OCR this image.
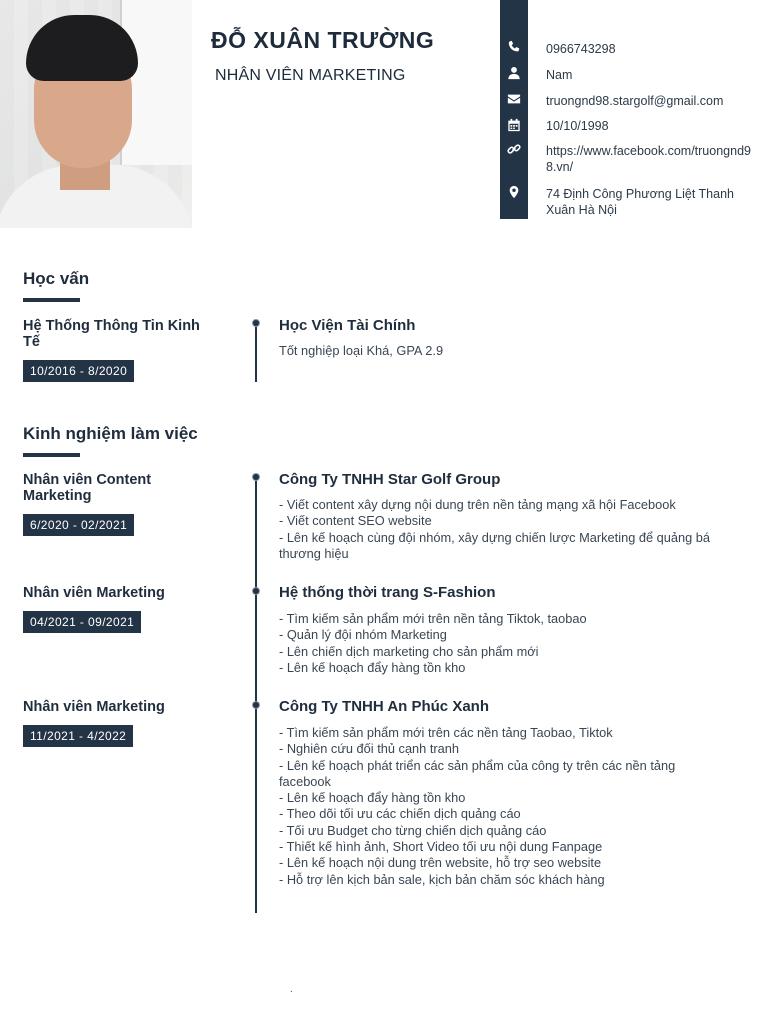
ĐỖ XUÂN TRƯỜNG
NHÂN VIÊN MARKETING
0966743298
Nam
truongnd98.stargolf@gmail.com
10/10/1998
https://www.facebook.com/truongnd9
8.vn/
74 Định Công Phương Liệt Thanh
Xuân Hà Nội
Học vấn
Hệ Thống Thông Tin Kinh
Tế
10/2016 - 8/2020
Học Viện Tài Chính
Tốt nghiệp loại Khá, GPA 2.9
Kinh nghiệm làm việc
Nhân viên Content
Marketing
6/2020 - 02/2021
Công Ty TNHH Star Golf Group
- Viết content xây dựng nội dung trên nền tảng mạng xã hội Facebook
- Viết content SEO website
- Lên kế hoạch cùng đội nhóm, xây dựng chiến lược Marketing để quảng bá
thương hiệu
Nhân viên Marketing
04/2021 - 09/2021
Hệ thống thời trang S-Fashion
- Tìm kiếm sản phẩm mới trên nền tảng Tiktok, taobao
- Quản lý đội nhóm Marketing
- Lên chiến dịch marketing cho sản phẩm mới
- Lên kế hoạch đẩy hàng tồn kho
Nhân viên Marketing
11/2021 - 4/2022
Công Ty TNHH An Phúc Xanh
- Tìm kiếm sản phẩm mới trên các nền tảng Taobao, Tiktok
- Nghiên cứu đối thủ cạnh tranh
- Lên kế hoạch phát triển các sản phẩm của công ty trên các nền tảng
facebook
- Lên kế hoạch đẩy hàng tồn kho
- Theo dõi tối ưu các chiến dịch quảng cáo
- Tối ưu Budget cho từng chiến dịch quảng cáo
- Thiết kế hình ảnh, Short Video tối ưu nội dung Fanpage
- Lên kế hoạch nội dung trên website, hỗ trợ seo website
- Hỗ trợ lên kịch bản sale, kịch bản chăm sóc khách hàng
.
